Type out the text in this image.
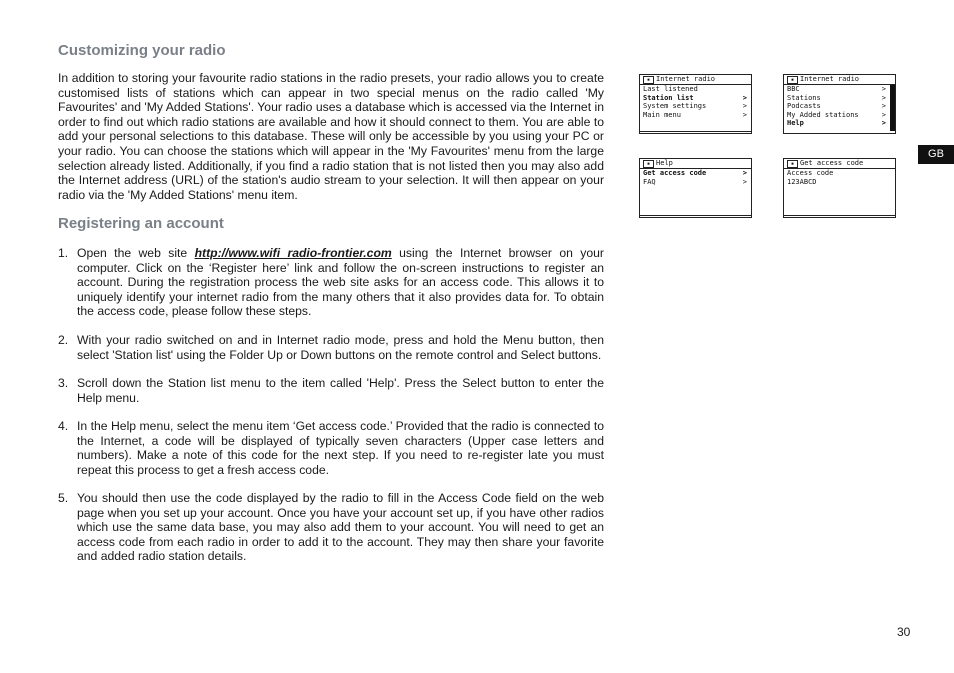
Customizing your radio
In addition to storing your favourite radio stations in the radio presets, your radio allows you to create customised lists of stations which can appear in two special menus on the radio called 'My Favourites' and 'My Added Stations'. Your radio uses a database which is accessed via the Internet in order to find out which radio stations are available and how it should connect to them. You are able to add your personal selections to this database. These will only be accessible by you using your PC or your radio. You can choose the stations which will appear in the 'My Favourites' menu from the large selection already listed. Additionally, if you find a radio station that is not listed then you may also add the Internet address (URL) of the station's audio stream to your selection. It will then appear on your radio via the 'My Added Stations' menu item.
Registering an account
1. Open the web site http://www.wifi radio-frontier.com using the Internet browser on your computer. Click on the ‘Register here’ link and follow the on-screen instructions to register an account. During the registration process the web site asks for an access code. This allows it to uniquely identify your internet radio from the many others that it also provides data for. To obtain the access code, please follow these steps.
2. With your radio switched on and in Internet radio mode, press and hold the Menu button, then select 'Station list' using the Folder Up or Down buttons on the remote control and Select buttons.
3. Scroll down the Station list menu to the item called 'Help'. Press the Select button to enter the Help menu.
4. In the Help menu, select the menu item ‘Get access code.’ Provided that the radio is connected to the Internet, a code will be displayed of typically seven characters (Upper case letters and numbers). Make a note of this code for the next step. If you need to re-register late you must repeat this process to get a fresh access code.
5. You should then use the code displayed by the radio to fill in the Access Code field on the web page when you set up your account. Once you have your account set up, if you have other radios which use the same data base, you may also add them to your account. You will need to get an access code from each radio in order to add it to the account. They may then share your favorite and added radio station details.
▪ Internet radio
Last listened
Station list	>
System settings	>
Main menu	>
▪ Internet radio
BBC	>
Stations	>
Podcasts	>
My Added stations	>
Help	>
▪ Help
Get access code	>
FAQ	>
▪ Get access code
Access code
123ABCD
GB
30
